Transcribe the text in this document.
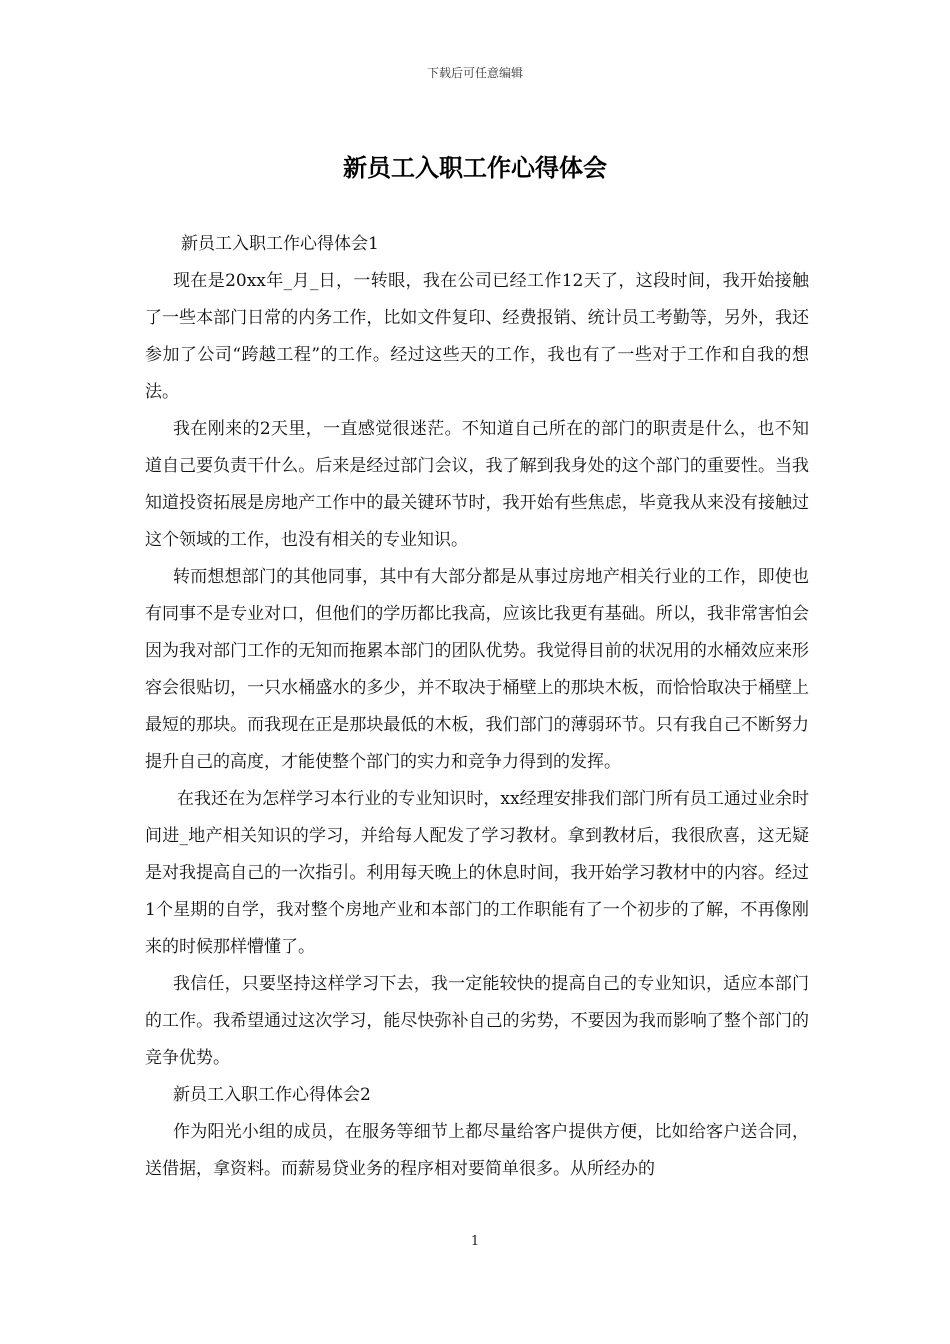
下载后可任意编辑
新员工入职工作心得体会

新员工入职工作心得体会1

现在是20xx年_月_日，一转眼，我在公司已经工作12天了，这段时间，我开始接触了一些本部门日常的内务工作，比如文件复印、经费报销、统计员工考勤等，另外，我还参加了公司“跨越工程”的工作。经过这些天的工作，我也有了一些对于工作和自我的想法。

我在刚来的2天里，一直感觉很迷茫。不知道自己所在的部门的职责是什么，也不知道自己要负责干什么。后来是经过部门会议，我了解到我身处的这个部门的重要性。当我知道投资拓展是房地产工作中的最关键环节时，我开始有些焦虑，毕竟我从来没有接触过这个领域的工作，也没有相关的专业知识。

转而想想部门的其他同事，其中有大部分都是从事过房地产相关行业的工作，即使也有同事不是专业对口，但他们的学历都比我高，应该比我更有基础。所以，我非常害怕会因为我对部门工作的无知而拖累本部门的团队优势。我觉得目前的状况用的水桶效应来形容会很贴切，一只水桶盛水的多少，并不取决于桶壁上的那块木板，而恰恰取决于桶壁上最短的那块。而我现在正是那块最低的木板，我们部门的薄弱环节。只有我自己不断努力提升自己的高度，才能使整个部门的实力和竞争力得到的发挥。

在我还在为怎样学习本行业的专业知识时，xx经理安排我们部门所有员工通过业余时间进_地产相关知识的学习，并给每人配发了学习教材。拿到教材后，我很欣喜，这无疑是对我提高自己的一次指引。利用每天晚上的休息时间，我开始学习教材中的内容。经过1个星期的自学，我对整个房地产业和本部门的工作职能有了一个初步的了解，不再像刚来的时候那样懵懂了。

我信任，只要坚持这样学习下去，我一定能较快的提高自己的专业知识，适应本部门的工作。我希望通过这次学习，能尽快弥补自己的劣势，不要因为我而影响了整个部门的竞争优势。

新员工入职工作心得体会2

作为阳光小组的成员，在服务等细节上都尽量给客户提供方便，比如给客户送合同，送借据，拿资料。而薪易贷业务的程序相对要简单很多。从所经办的

1
